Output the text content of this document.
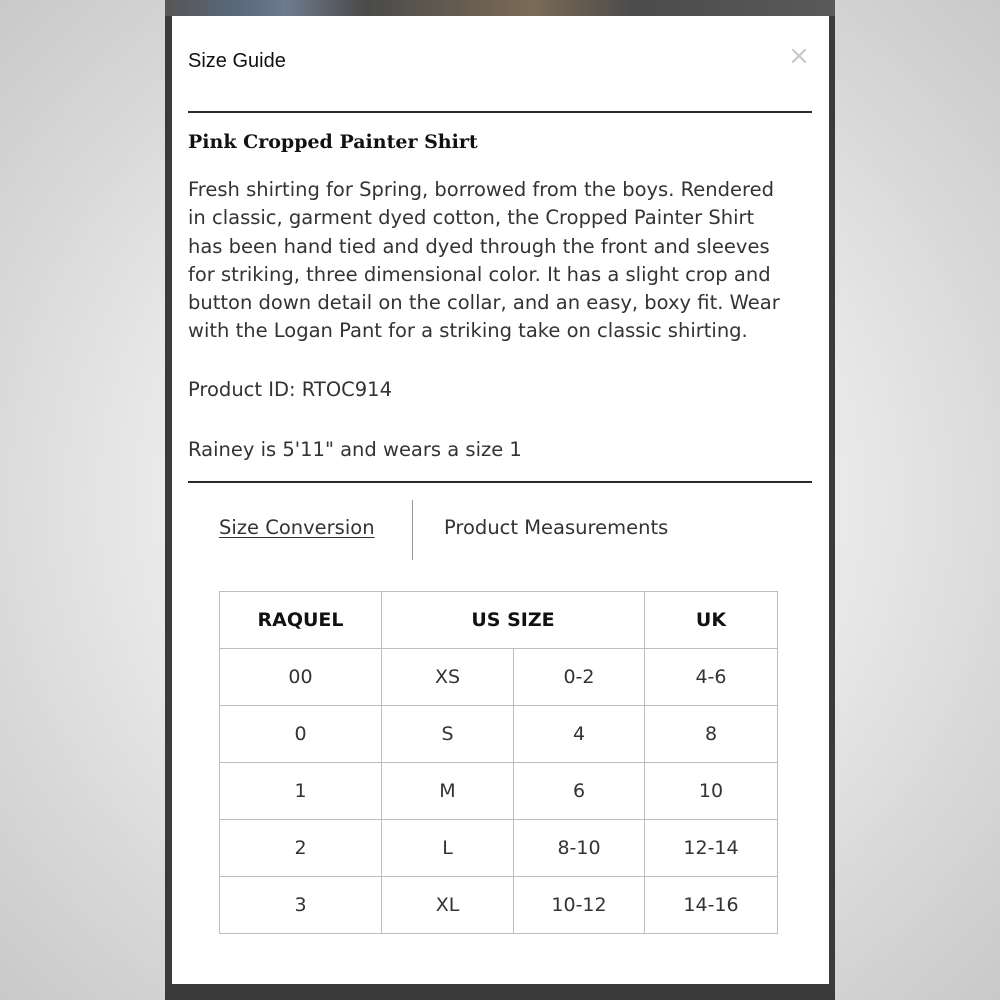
Size Guide	×
Pink Cropped Painter Shirt

Fresh shirting for Spring, borrowed from the boys. Rendered
in classic, garment dyed cotton, the Cropped Painter Shirt
has been hand tied and dyed through the front and sleeves
for striking, three dimensional color. It has a slight crop and
button down detail on the collar, and an easy, boxy fit. Wear
with the Logan Pant for a striking take on classic shirting.

Product ID: RTOC914
Rainey is 5'11" and wears a size 1
Size Conversion	Product Measurements
RAQUEL	US SIZE		UK
00	XS	0-2	4-6
0	S	4	8
1	M	6	10
2	L	8-10	12-14
3	XL	10-12	14-16
